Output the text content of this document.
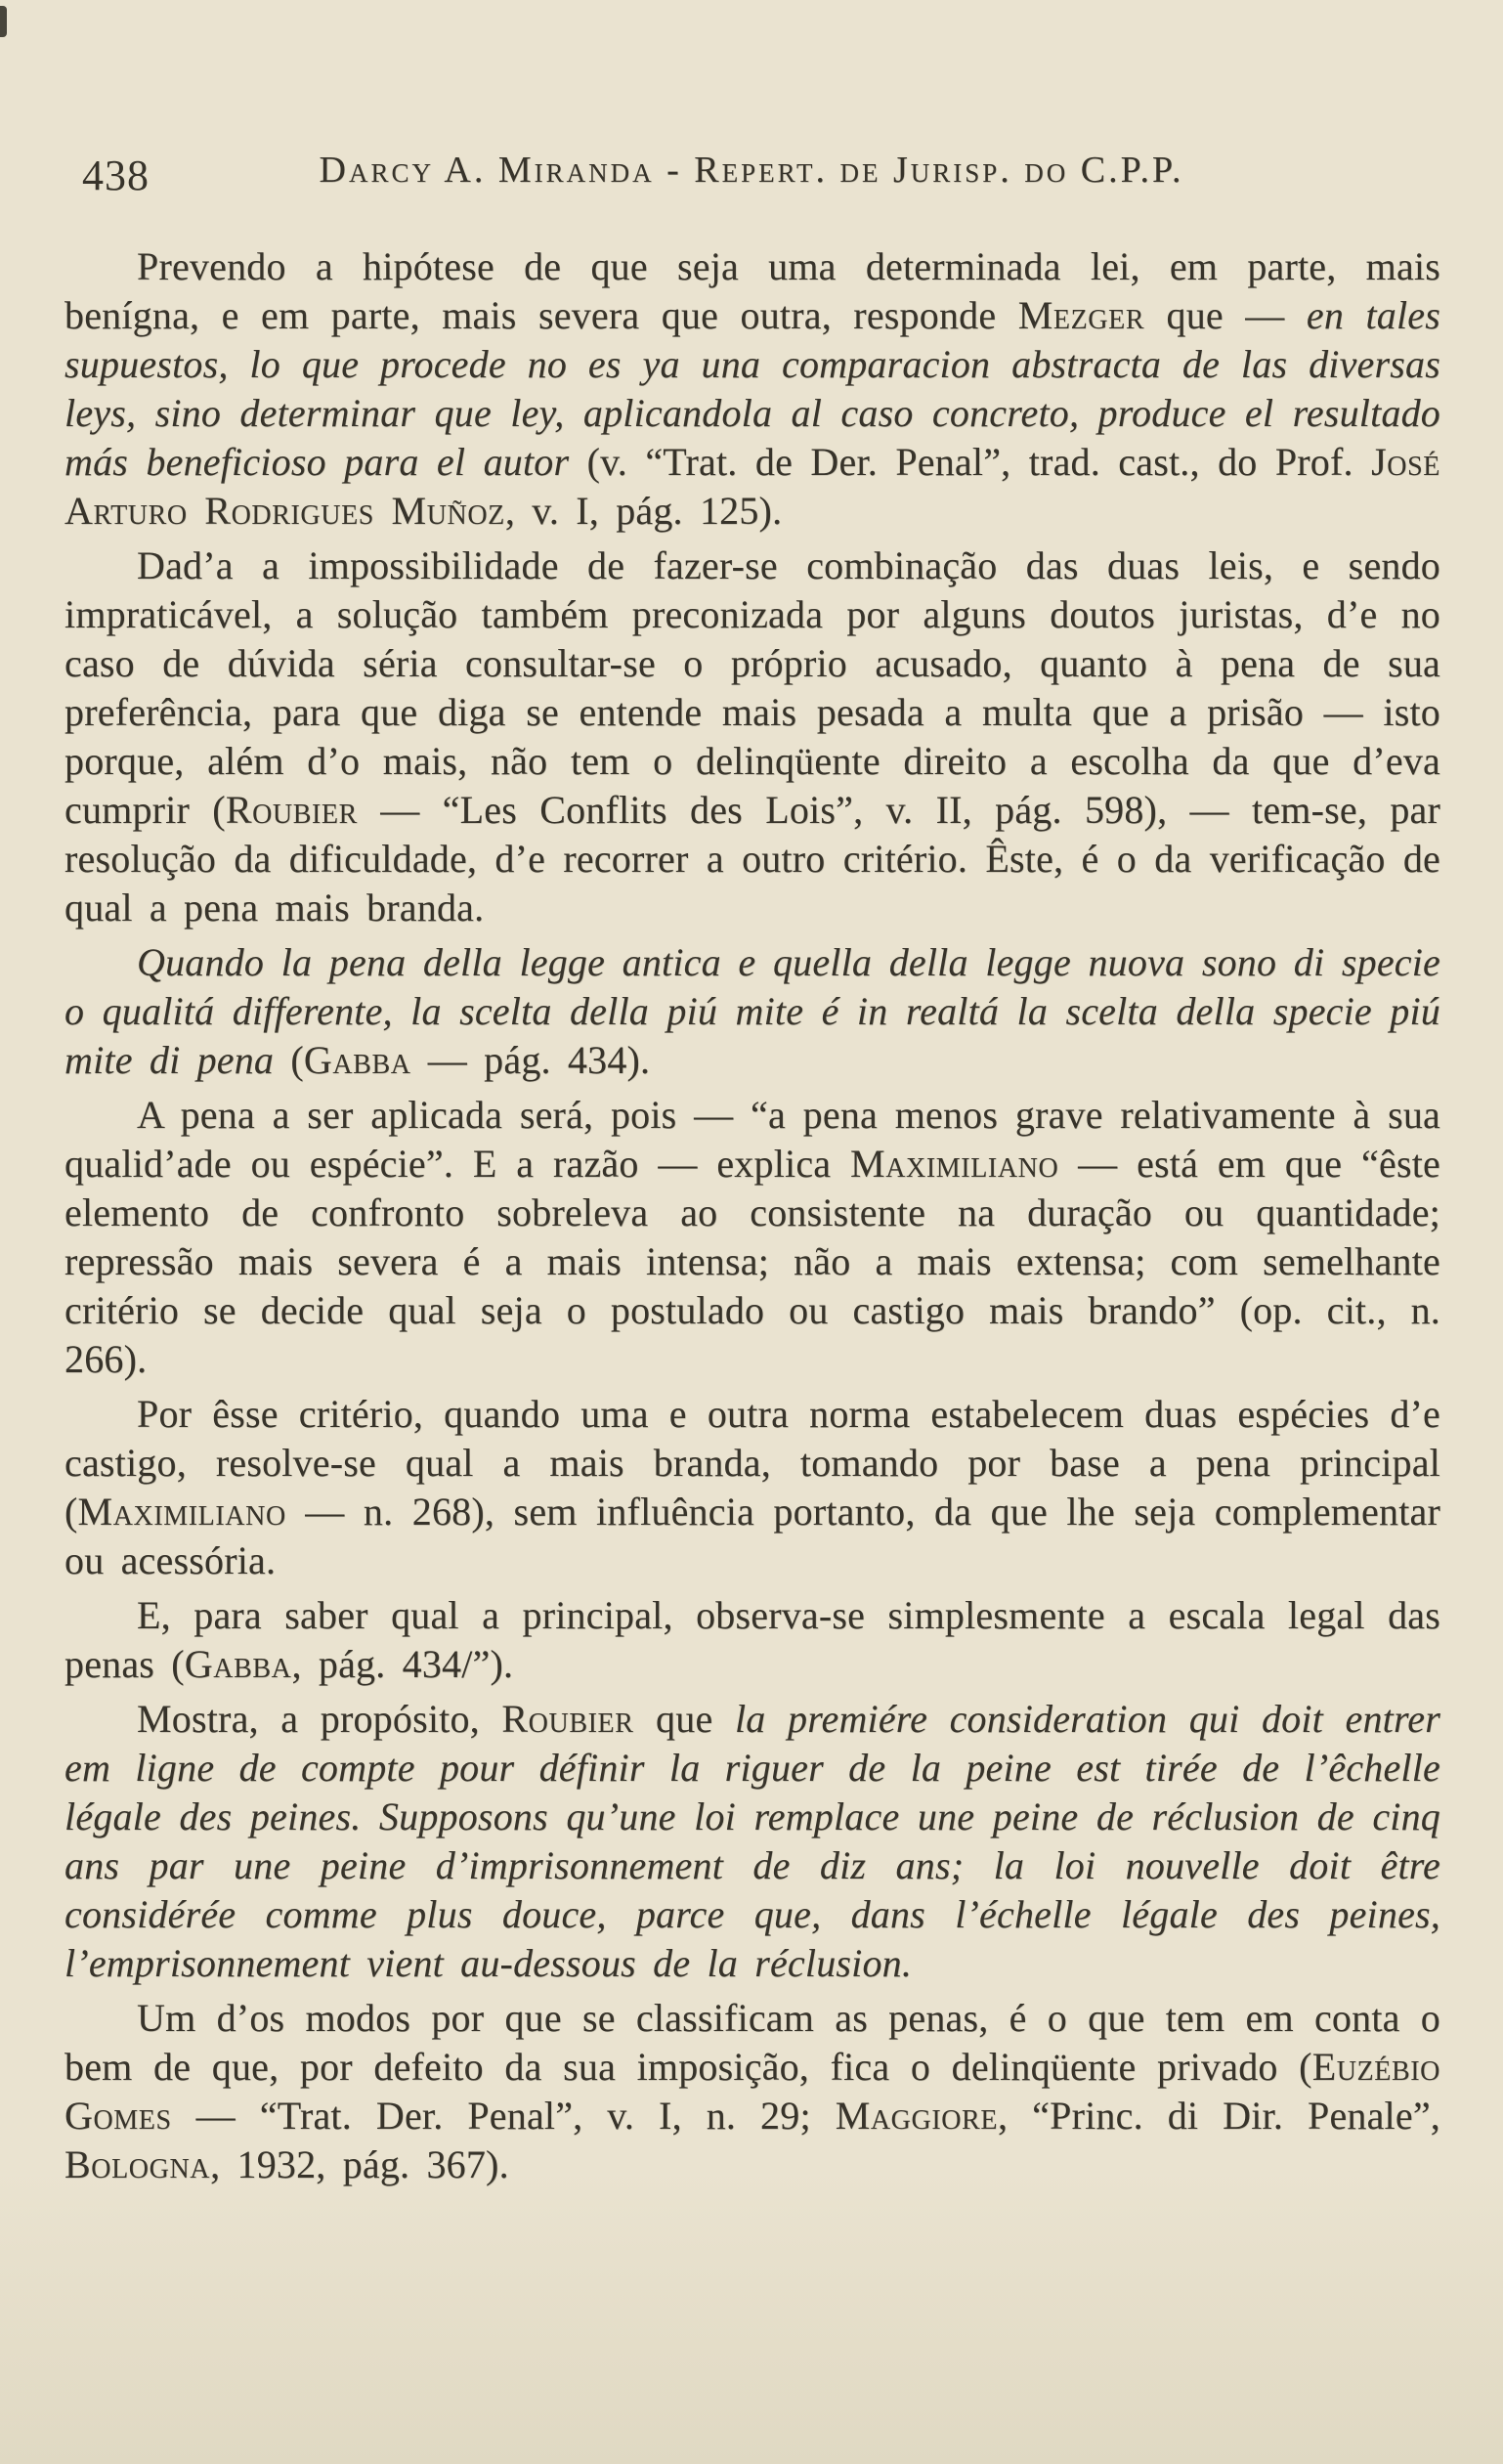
438	Darcy A. Miranda - Repert. de Jurisp. do C.P.P.

Prevendo a hipótese de que seja uma determinada lei, em parte, mais benígna, e em parte, mais severa que outra, responde Mezger que — en tales supuestos, lo que procede no es ya una comparacion abstracta de las diversas leys, sino determinar que ley, aplicandola al caso concreto, produce el resultado más beneficioso para el autor (v. “Trat. de Der. Penal”, trad. cast., do Prof. José Arturo Rodrigues Muñoz, v. I, pág. 125).

Dad’a a impossibilidade de fazer-se combinação das duas leis, e sendo impraticável, a solução também preconizada por alguns doutos juristas, d’e no caso de dúvida séria consultar-se o próprio acusado, quanto à pena de sua preferência, para que diga se entende mais pesada a multa que a prisão — isto porque, além d’o mais, não tem o delinqüente direito a escolha da que d’eva cumprir (Roubier — “Les Conflits des Lois”, v. II, pág. 598), — tem-se, par resolução da dificuldade, d’e recorrer a outro critério. Êste, é o da verificação de qual a pena mais branda.

Quando la pena della legge antica e quella della legge nuova sono di specie o qualitá differente, la scelta della piú mite é in realtá la scelta della specie piú mite di pena (Gabba — pág. 434).

A pena a ser aplicada será, pois — “a pena menos grave relativamente à sua qualid’ade ou espécie”. E a razão — explica Maximiliano — está em que “êste elemento de confronto sobreleva ao consistente na duração ou quantidade; repressão mais severa é a mais intensa; não a mais extensa; com semelhante critério se decide qual seja o postulado ou castigo mais brando” (op. cit., n. 266).

Por êsse critério, quando uma e outra norma estabelecem duas espécies d’e castigo, resolve-se qual a mais branda, tomando por base a pena principal (Maximiliano — n. 268), sem influência portanto, da que lhe seja complementar ou acessória.

E, para saber qual a principal, observa-se simplesmente a escala legal das penas (Gabba, pág. 434/”).

Mostra, a propósito, Roubier que la premiére consideration qui doit entrer em ligne de compte pour définir la riguer de la peine est tirée de l’êchelle légale des peines. Supposons qu’une loi remplace une peine de réclusion de cinq ans par une peine d’imprisonnement de diz ans; la loi nouvelle doit être considérée comme plus douce, parce que, dans l’échelle légale des peines, l’emprisonnement vient au-dessous de la réclusion.

Um d’os modos por que se classificam as penas, é o que tem em conta o bem de que, por defeito da sua imposição, fica o delinqüente privado (Euzébio Gomes — “Trat. Der. Penal”, v. I, n. 29; Maggiore, “Princ. di Dir. Penale”, Bologna, 1932, pág. 367).
